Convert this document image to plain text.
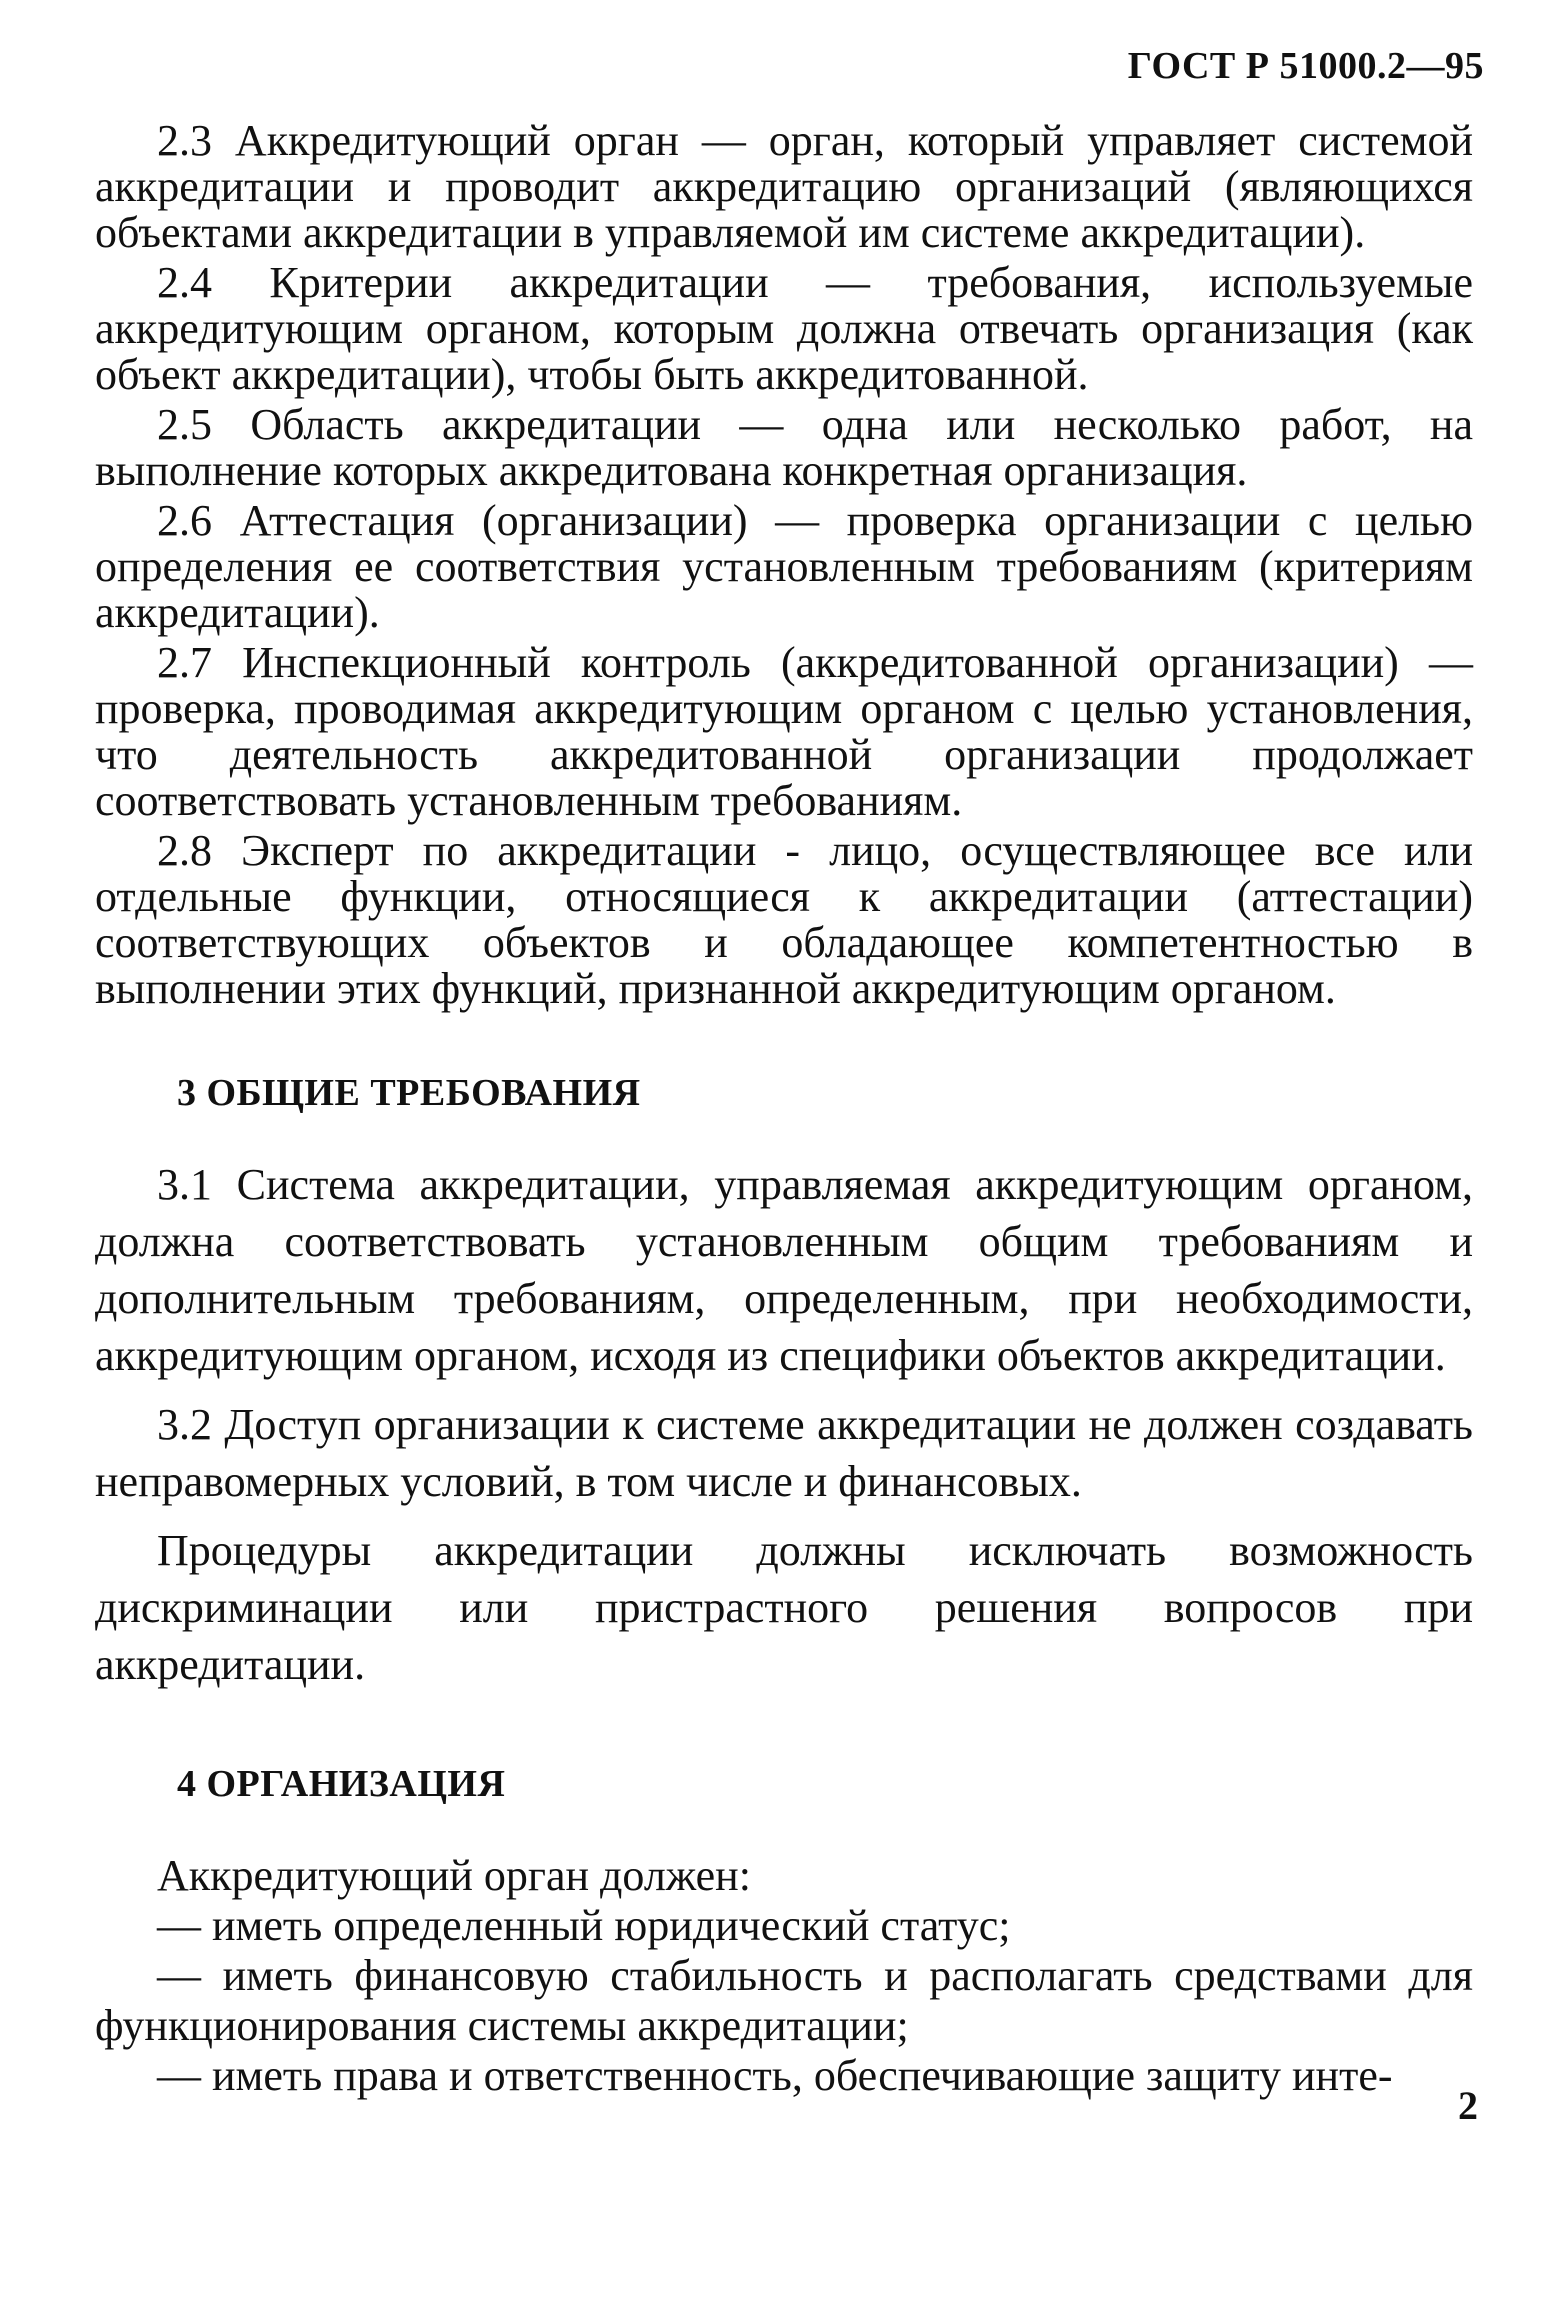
ГОСТ Р 51000.2—95

2.3 Аккредитующий орган — орган, который управляет системой аккредитации и проводит аккредитацию организаций (являющихся объектами аккредитации в управляемой им системе аккредитации).

2.4 Критерии аккредитации — требования, используемые аккредитующим органом, которым должна отвечать организация (как объект аккредитации), чтобы быть аккредитованной.

2.5 Область аккредитации — одна или несколько работ, на выполнение которых аккредитована конкретная организация.

2.6 Аттестация (организации) — проверка организации с целью определения ее соответствия установленным требованиям (критериям аккредитации).

2.7 Инспекционный контроль (аккредитованной организации) — проверка, проводимая аккредитующим органом с целью установления, что деятельность аккредитованной организации продолжает соответствовать установленным требованиям.

2.8 Эксперт по аккредитации - лицо, осуществляющее все или отдельные функции, относящиеся к аккредитации (аттестации) соответствующих объектов и обладающее компетентностью в выполнении этих функций, признанной аккредитующим органом.

3 ОБЩИЕ ТРЕБОВАНИЯ

3.1 Система аккредитации, управляемая аккредитующим органом, должна соответствовать установленным общим требованиям и дополнительным требованиям, определенным, при необходимости, аккредитующим органом, исходя из специфики объектов аккредитации.

3.2 Доступ организации к системе аккредитации не должен создавать неправомерных условий, в том числе и финансовых.

Процедуры аккредитации должны исключать возможность дискриминации или пристрастного решения вопросов при аккредитации.

4 ОРГАНИЗАЦИЯ

Аккредитующий орган должен:

— иметь определенный юридический статус;

— иметь финансовую стабильность и располагать средствами для функционирования системы аккредитации;

— иметь права и ответственность, обеспечивающие защиту инте-

2
